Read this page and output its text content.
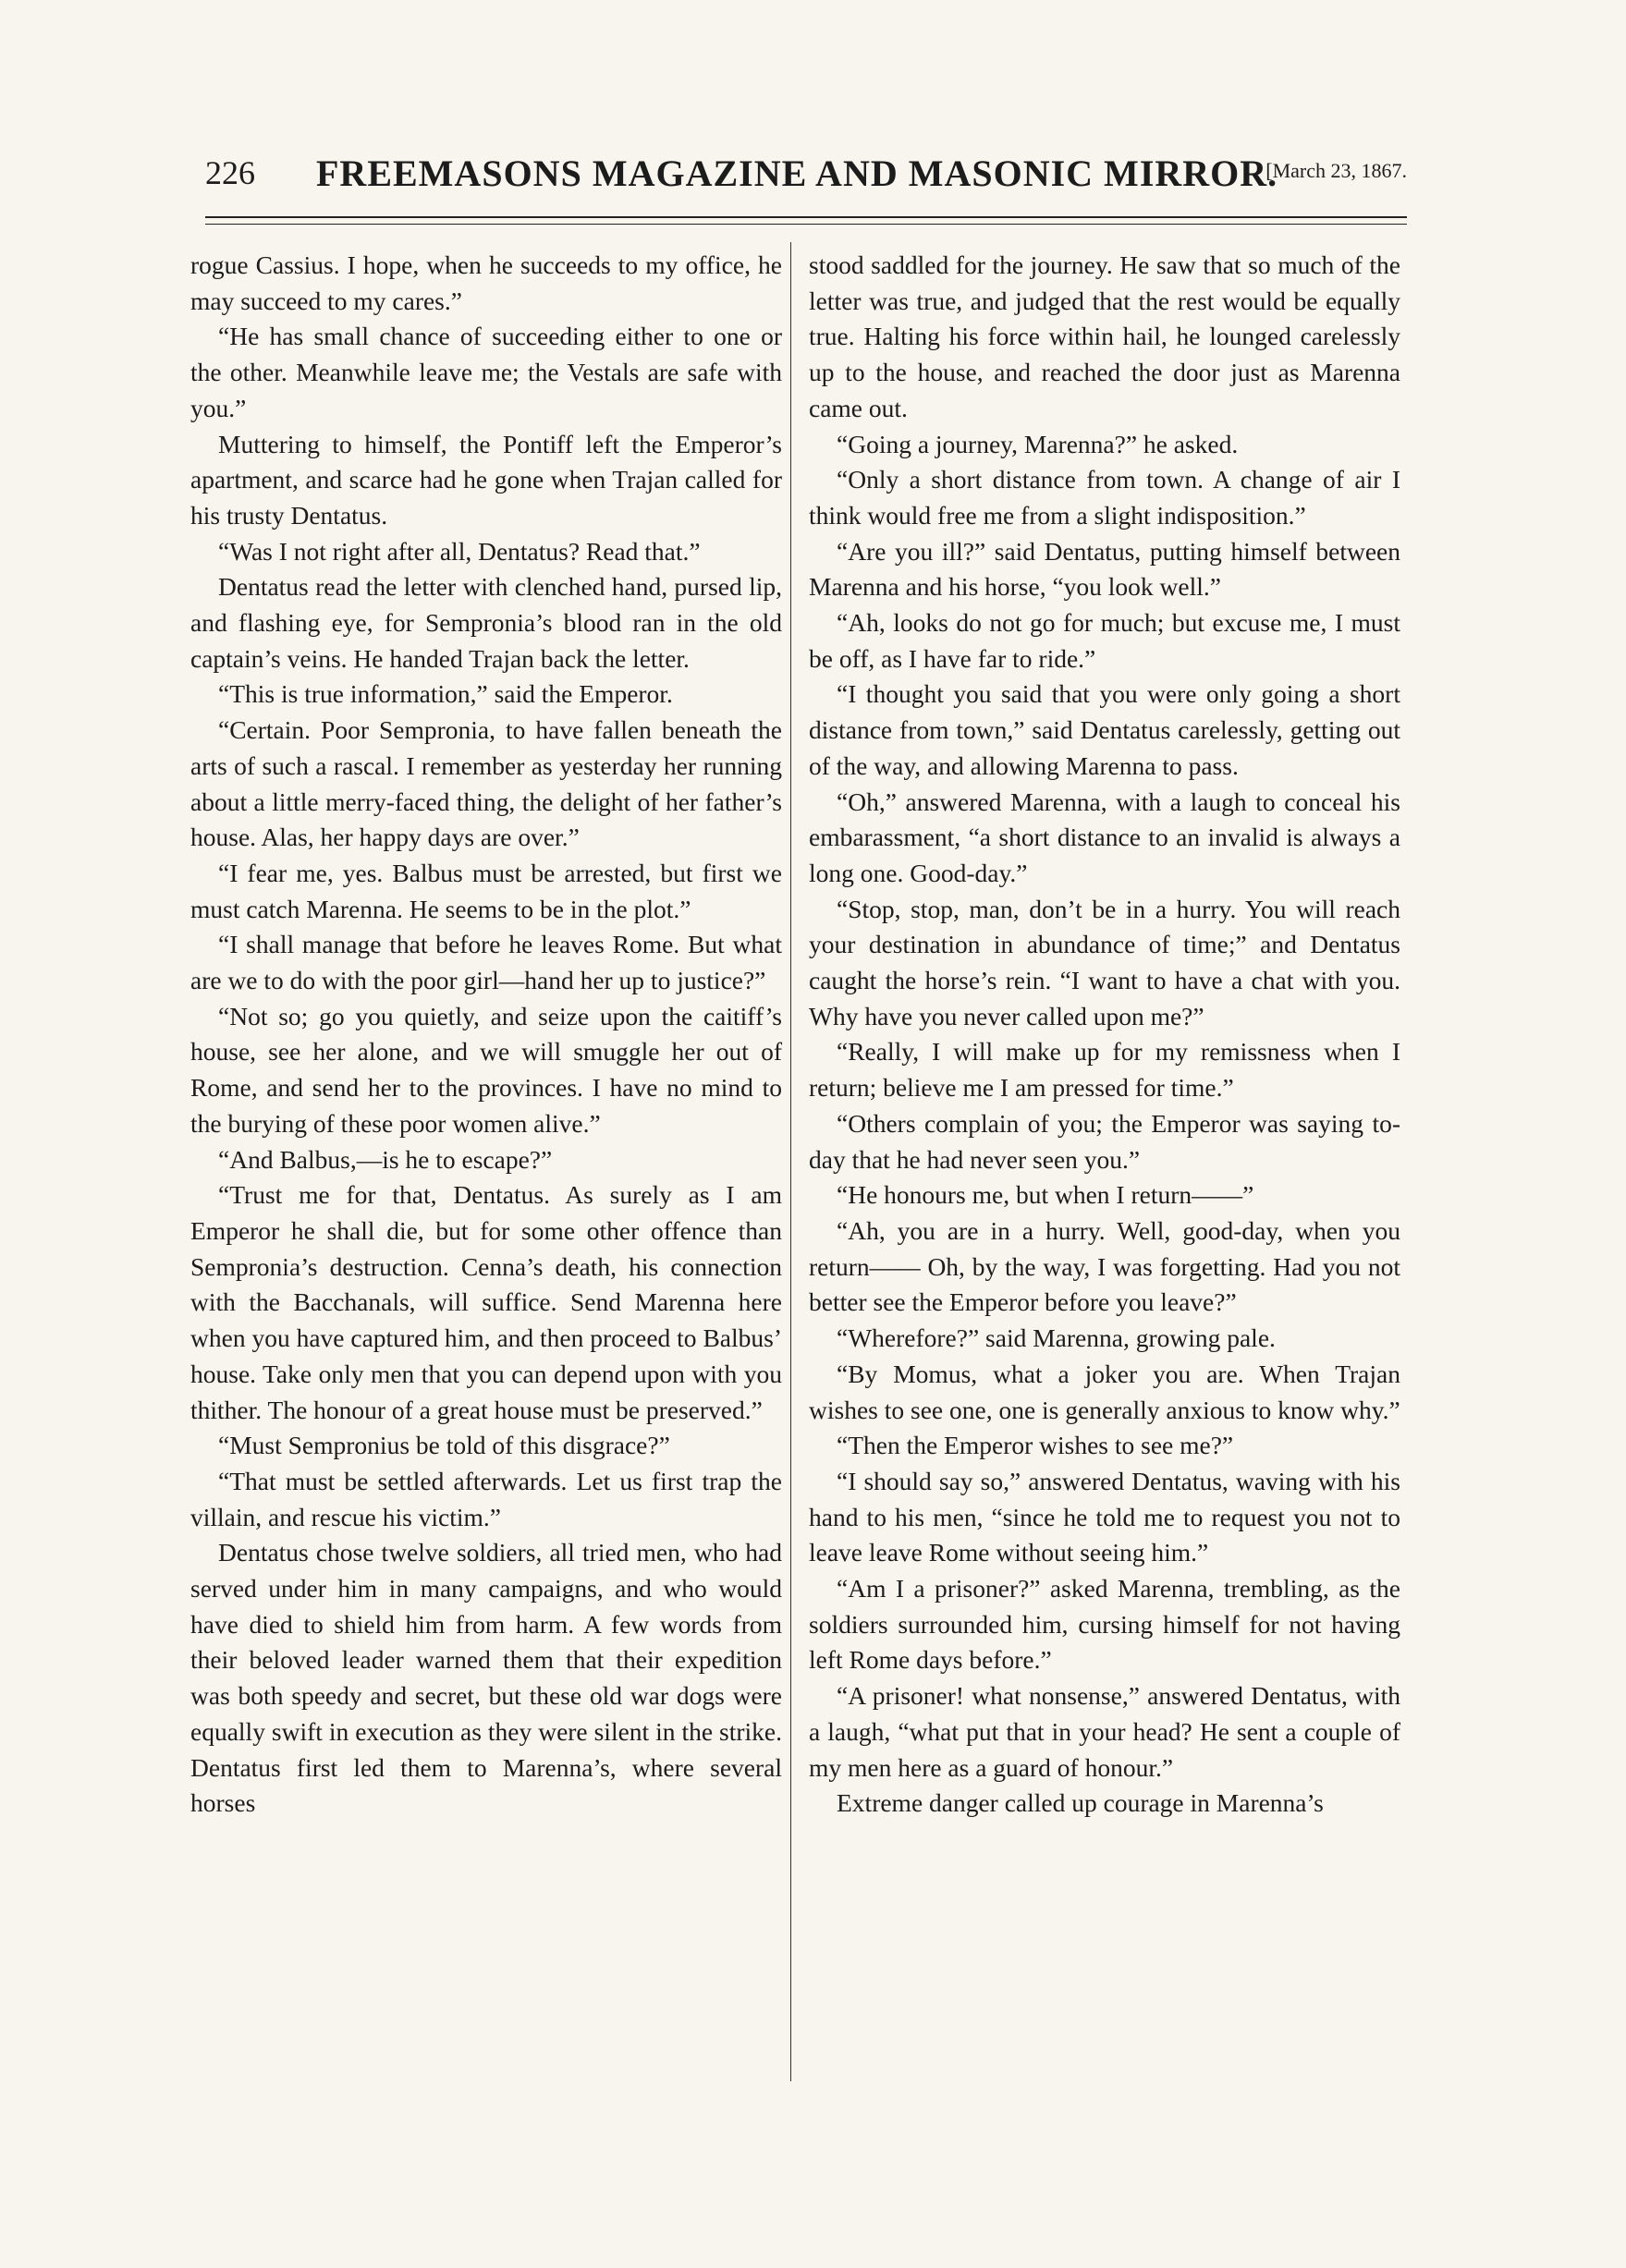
226 FREEMASONS MAGAZINE AND MASONIC MIRROR.
[March 23, 1867.

rogue Cassius. I hope, when he succeeds to my office, he may succeed to my cares.”

“He has small chance of succeeding either to one or the other. Meanwhile leave me; the Vestals are safe with you.”

Muttering to himself, the Pontiff left the Emperor’s apartment, and scarce had he gone when Trajan called for his trusty Dentatus.

“Was I not right after all, Dentatus? Read that.”

Dentatus read the letter with clenched hand, pursed lip, and flashing eye, for Sempronia’s blood ran in the old captain’s veins. He handed Trajan back the letter.

“This is true information,” said the Emperor.

“Certain. Poor Sempronia, to have fallen beneath the arts of such a rascal. I remember as yesterday her running about a little merry-faced thing, the delight of her father’s house. Alas, her happy days are over.”

“I fear me, yes. Balbus must be arrested, but first we must catch Marenna. He seems to be in the plot.”

“I shall manage that before he leaves Rome. But what are we to do with the poor girl—hand her up to justice?”

“Not so; go you quietly, and seize upon the caitiff’s house, see her alone, and we will smuggle her out of Rome, and send her to the provinces. I have no mind to the burying of these poor women alive.”

“And Balbus,—is he to escape?”

“Trust me for that, Dentatus. As surely as I am Emperor he shall die, but for some other offence than Sempronia’s destruction. Cenna’s death, his connection with the Bacchanals, will suffice. Send Marenna here when you have captured him, and then proceed to Balbus’ house. Take only men that you can depend upon with you thither. The honour of a great house must be preserved.”

“Must Sempronius be told of this disgrace?”

“That must be settled afterwards. Let us first trap the villain, and rescue his victim.”

Dentatus chose twelve soldiers, all tried men, who had served under him in many campaigns, and who would have died to shield him from harm. A few words from their beloved leader warned them that their expedition was both speedy and secret, but these old war dogs were equally swift in execution as they were silent in the strike. Dentatus first led them to Marenna’s, where several horses

stood saddled for the journey. He saw that so much of the letter was true, and judged that the rest would be equally true. Halting his force within hail, he lounged carelessly up to the house, and reached the door just as Marenna came out.

“Going a journey, Marenna?” he asked.

“Only a short distance from town. A change of air I think would free me from a slight indisposition.”

“Are you ill?” said Dentatus, putting himself between Marenna and his horse, “you look well.”

“Ah, looks do not go for much; but excuse me, I must be off, as I have far to ride.”

“I thought you said that you were only going a short distance from town,” said Dentatus carelessly, getting out of the way, and allowing Marenna to pass.

“Oh,” answered Marenna, with a laugh to conceal his embarassment, “a short distance to an invalid is always a long one. Good-day.”

“Stop, stop, man, don’t be in a hurry. You will reach your destination in abundance of time;” and Dentatus caught the horse’s rein. “I want to have a chat with you. Why have you never called upon me?”

“Really, I will make up for my remissness when I return; believe me I am pressed for time.”

“Others complain of you; the Emperor was saying to-day that he had never seen you.”

“He honours me, but when I return——”

“Ah, you are in a hurry. Well, good-day, when you return—— Oh, by the way, I was forgetting. Had you not better see the Emperor before you leave?”

“Wherefore?” said Marenna, growing pale.

“By Momus, what a joker you are. When Trajan wishes to see one, one is generally anxious to know why.”

“Then the Emperor wishes to see me?”

“I should say so,” answered Dentatus, waving with his hand to his men, “since he told me to request you not to leave leave Rome without seeing him.”

“Am I a prisoner?” asked Marenna, trembling, as the soldiers surrounded him, cursing himself for not having left Rome days before.”

“A prisoner! what nonsense,” answered Dentatus, with a laugh, “what put that in your head? He sent a couple of my men here as a guard of honour.”

Extreme danger called up courage in Marenna’s
